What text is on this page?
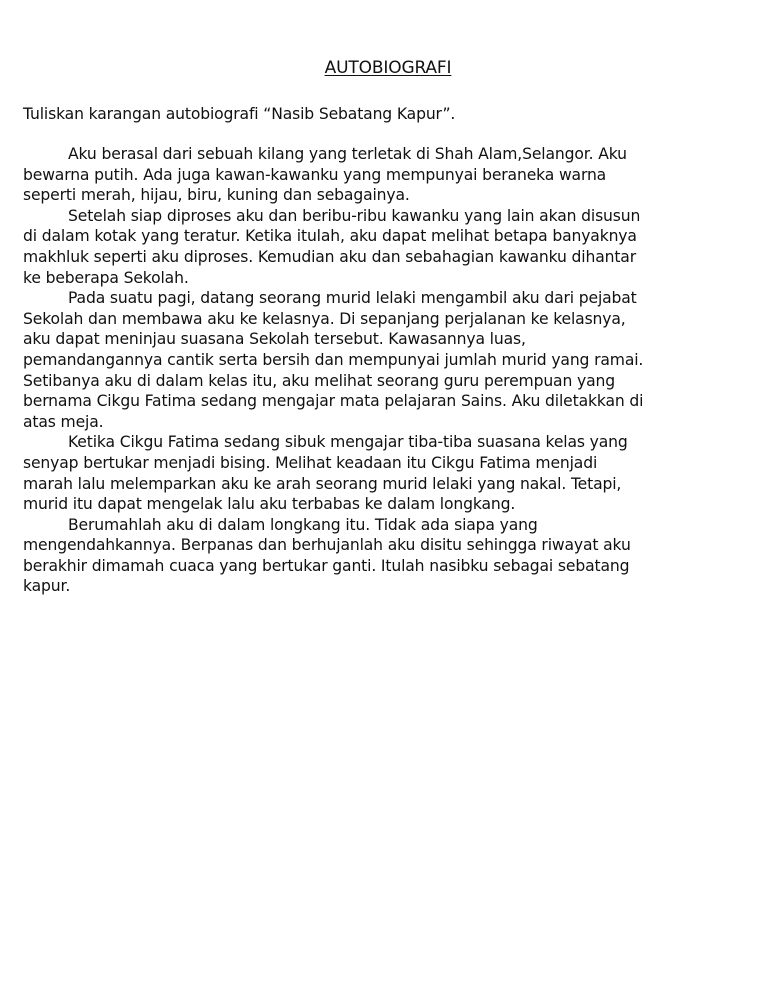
AUTOBIOGRAFI
Tuliskan karangan autobiografi “Nasib Sebatang Kapur”.
Aku berasal dari sebuah kilang yang terletak di Shah Alam,Selangor. Aku
bewarna putih. Ada juga kawan-kawanku yang mempunyai beraneka warna
seperti merah, hijau, biru, kuning dan sebagainya.
Setelah siap diproses aku dan beribu-ribu kawanku yang lain akan disusun
di dalam kotak yang teratur. Ketika itulah, aku dapat melihat betapa banyaknya
makhluk seperti aku diproses. Kemudian aku dan sebahagian kawanku dihantar
ke beberapa Sekolah.
Pada suatu pagi, datang seorang murid lelaki mengambil aku dari pejabat
Sekolah dan membawa aku ke kelasnya. Di sepanjang perjalanan ke kelasnya,
aku dapat meninjau suasana Sekolah tersebut. Kawasannya luas,
pemandangannya cantik serta bersih dan mempunyai jumlah murid yang ramai.
Setibanya aku di dalam kelas itu, aku melihat seorang guru perempuan yang
bernama Cikgu Fatima sedang mengajar mata pelajaran Sains. Aku diletakkan di
atas meja.
Ketika Cikgu Fatima sedang sibuk mengajar tiba-tiba suasana kelas yang
senyap bertukar menjadi bising. Melihat keadaan itu Cikgu Fatima menjadi
marah lalu melemparkan aku ke arah seorang murid lelaki yang nakal. Tetapi,
murid itu dapat mengelak lalu aku terbabas ke dalam longkang.
Berumahlah aku di dalam longkang itu. Tidak ada siapa yang
mengendahkannya. Berpanas dan berhujanlah aku disitu sehingga riwayat aku
berakhir dimamah cuaca yang bertukar ganti. Itulah nasibku sebagai sebatang
kapur.
